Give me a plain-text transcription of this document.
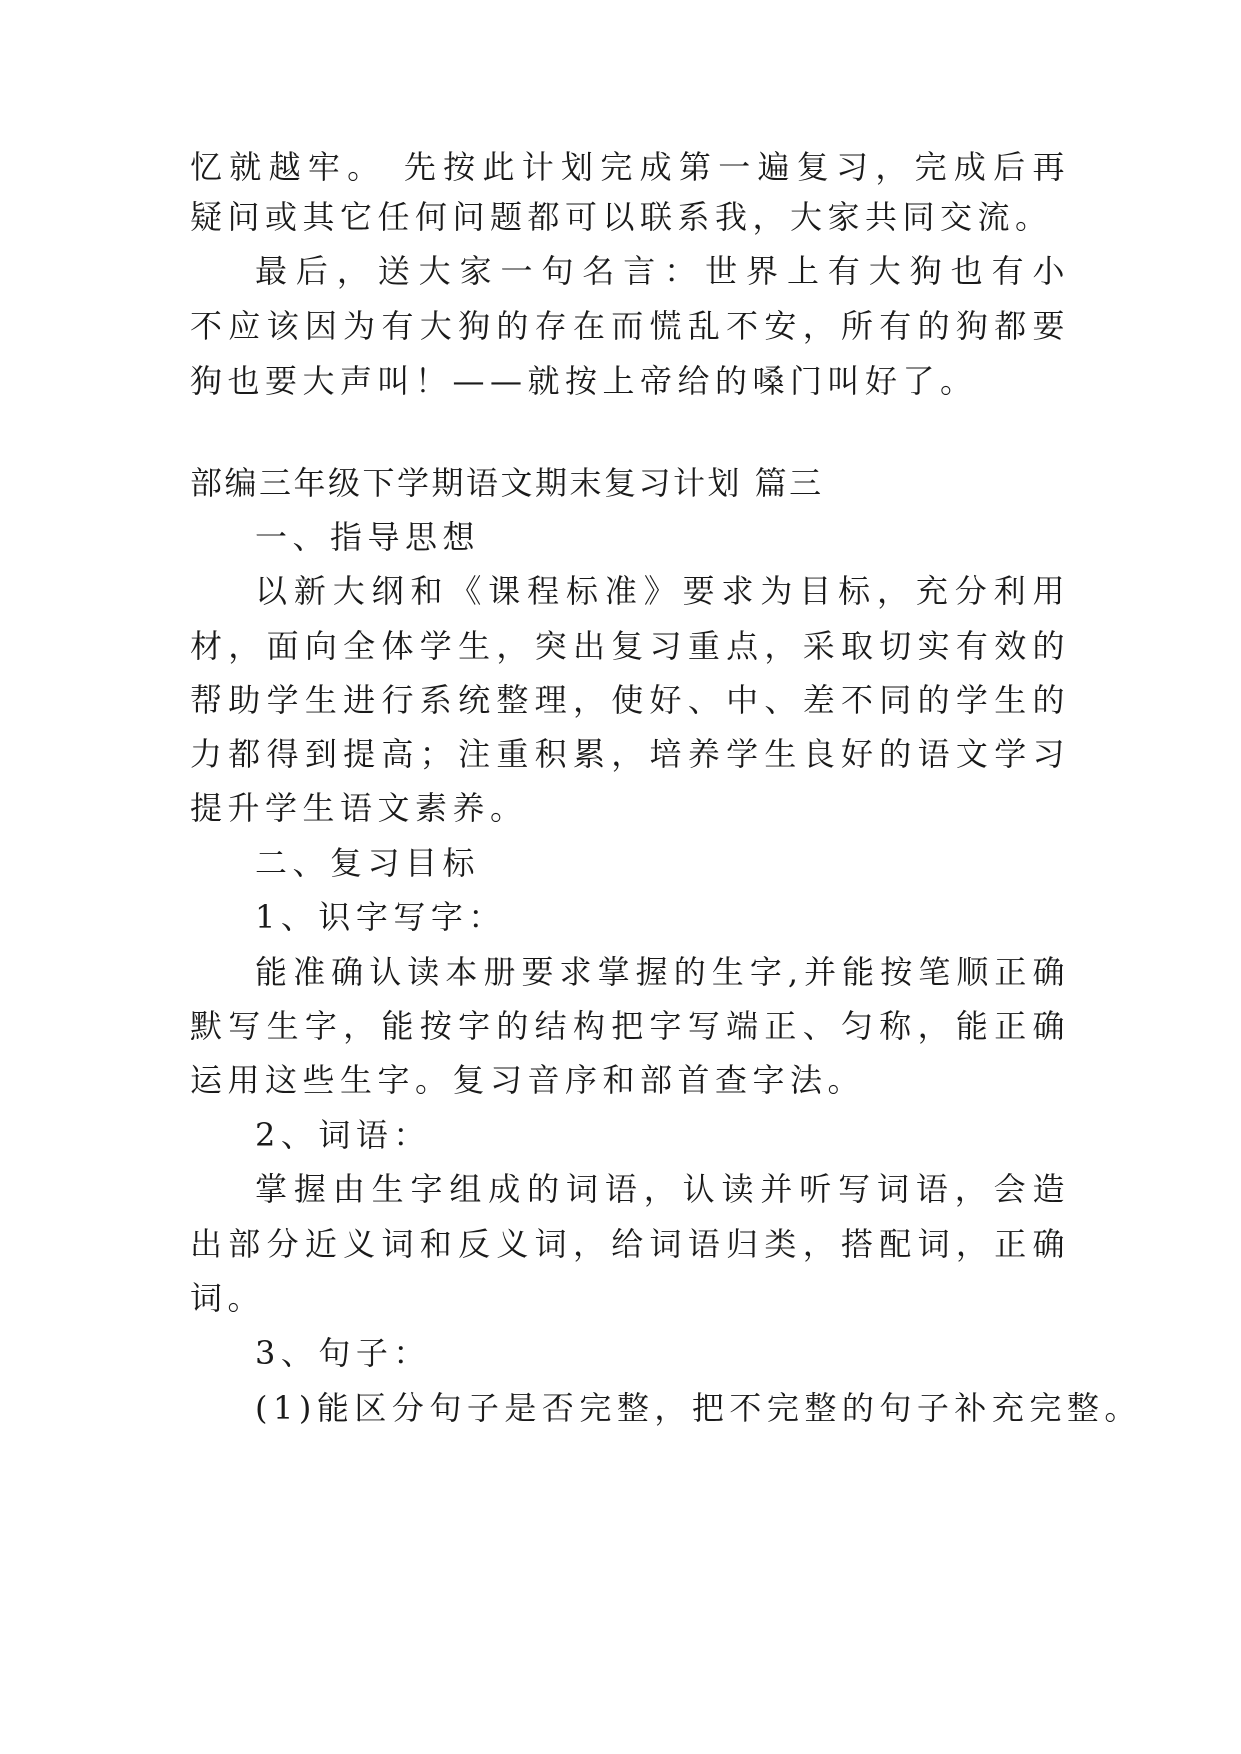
忆就越牢。 先按此计划完成第一遍复习，完成后再
疑问或其它任何问题都可以联系我，大家共同交流。
最后，送大家一句名言：世界上有大狗也有小
不应该因为有大狗的存在而慌乱不安，所有的狗都要
狗也要大声叫！——就按上帝给的嗓门叫好了。
部编三年级下学期语文期末复习计划 篇三
一、指导思想
以新大纲和《课程标准》要求为目标，充分利用
材，面向全体学生，突出复习重点，采取切实有效的
帮助学生进行系统整理，使好、中、差不同的学生的
力都得到提高；注重积累，培养学生良好的语文学习
提升学生语文素养。
二、复习目标
1、识字写字：
能准确认读本册要求掌握的生字,并能按笔顺正确
默写生字，能按字的结构把字写端正、匀称，能正确
运用这些生字。复习音序和部首查字法。
2、词语：
掌握由生字组成的词语，认读并听写词语，会造
出部分近义词和反义词，给词语归类，搭配词，正确
词。
3、句子：
(1)能区分句子是否完整，把不完整的句子补充完整。
